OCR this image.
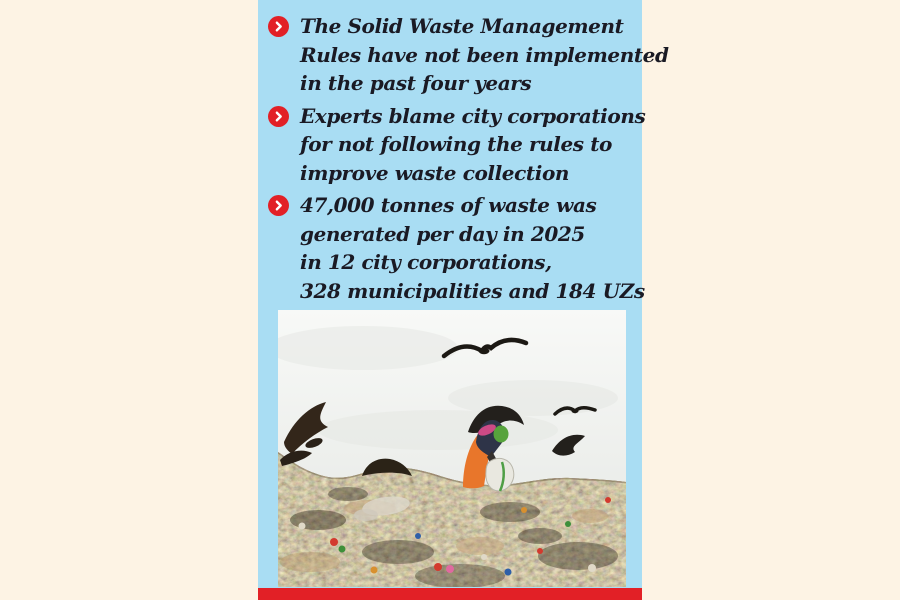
The Solid Waste Management
Rules have not been implemented
in the past four years
Experts blame city corporations
for not following the rules to
improve waste collection
47,000 tonnes of waste was
generated per day in 2025
in 12 city corporations,
328 municipalities and 184 UZs
